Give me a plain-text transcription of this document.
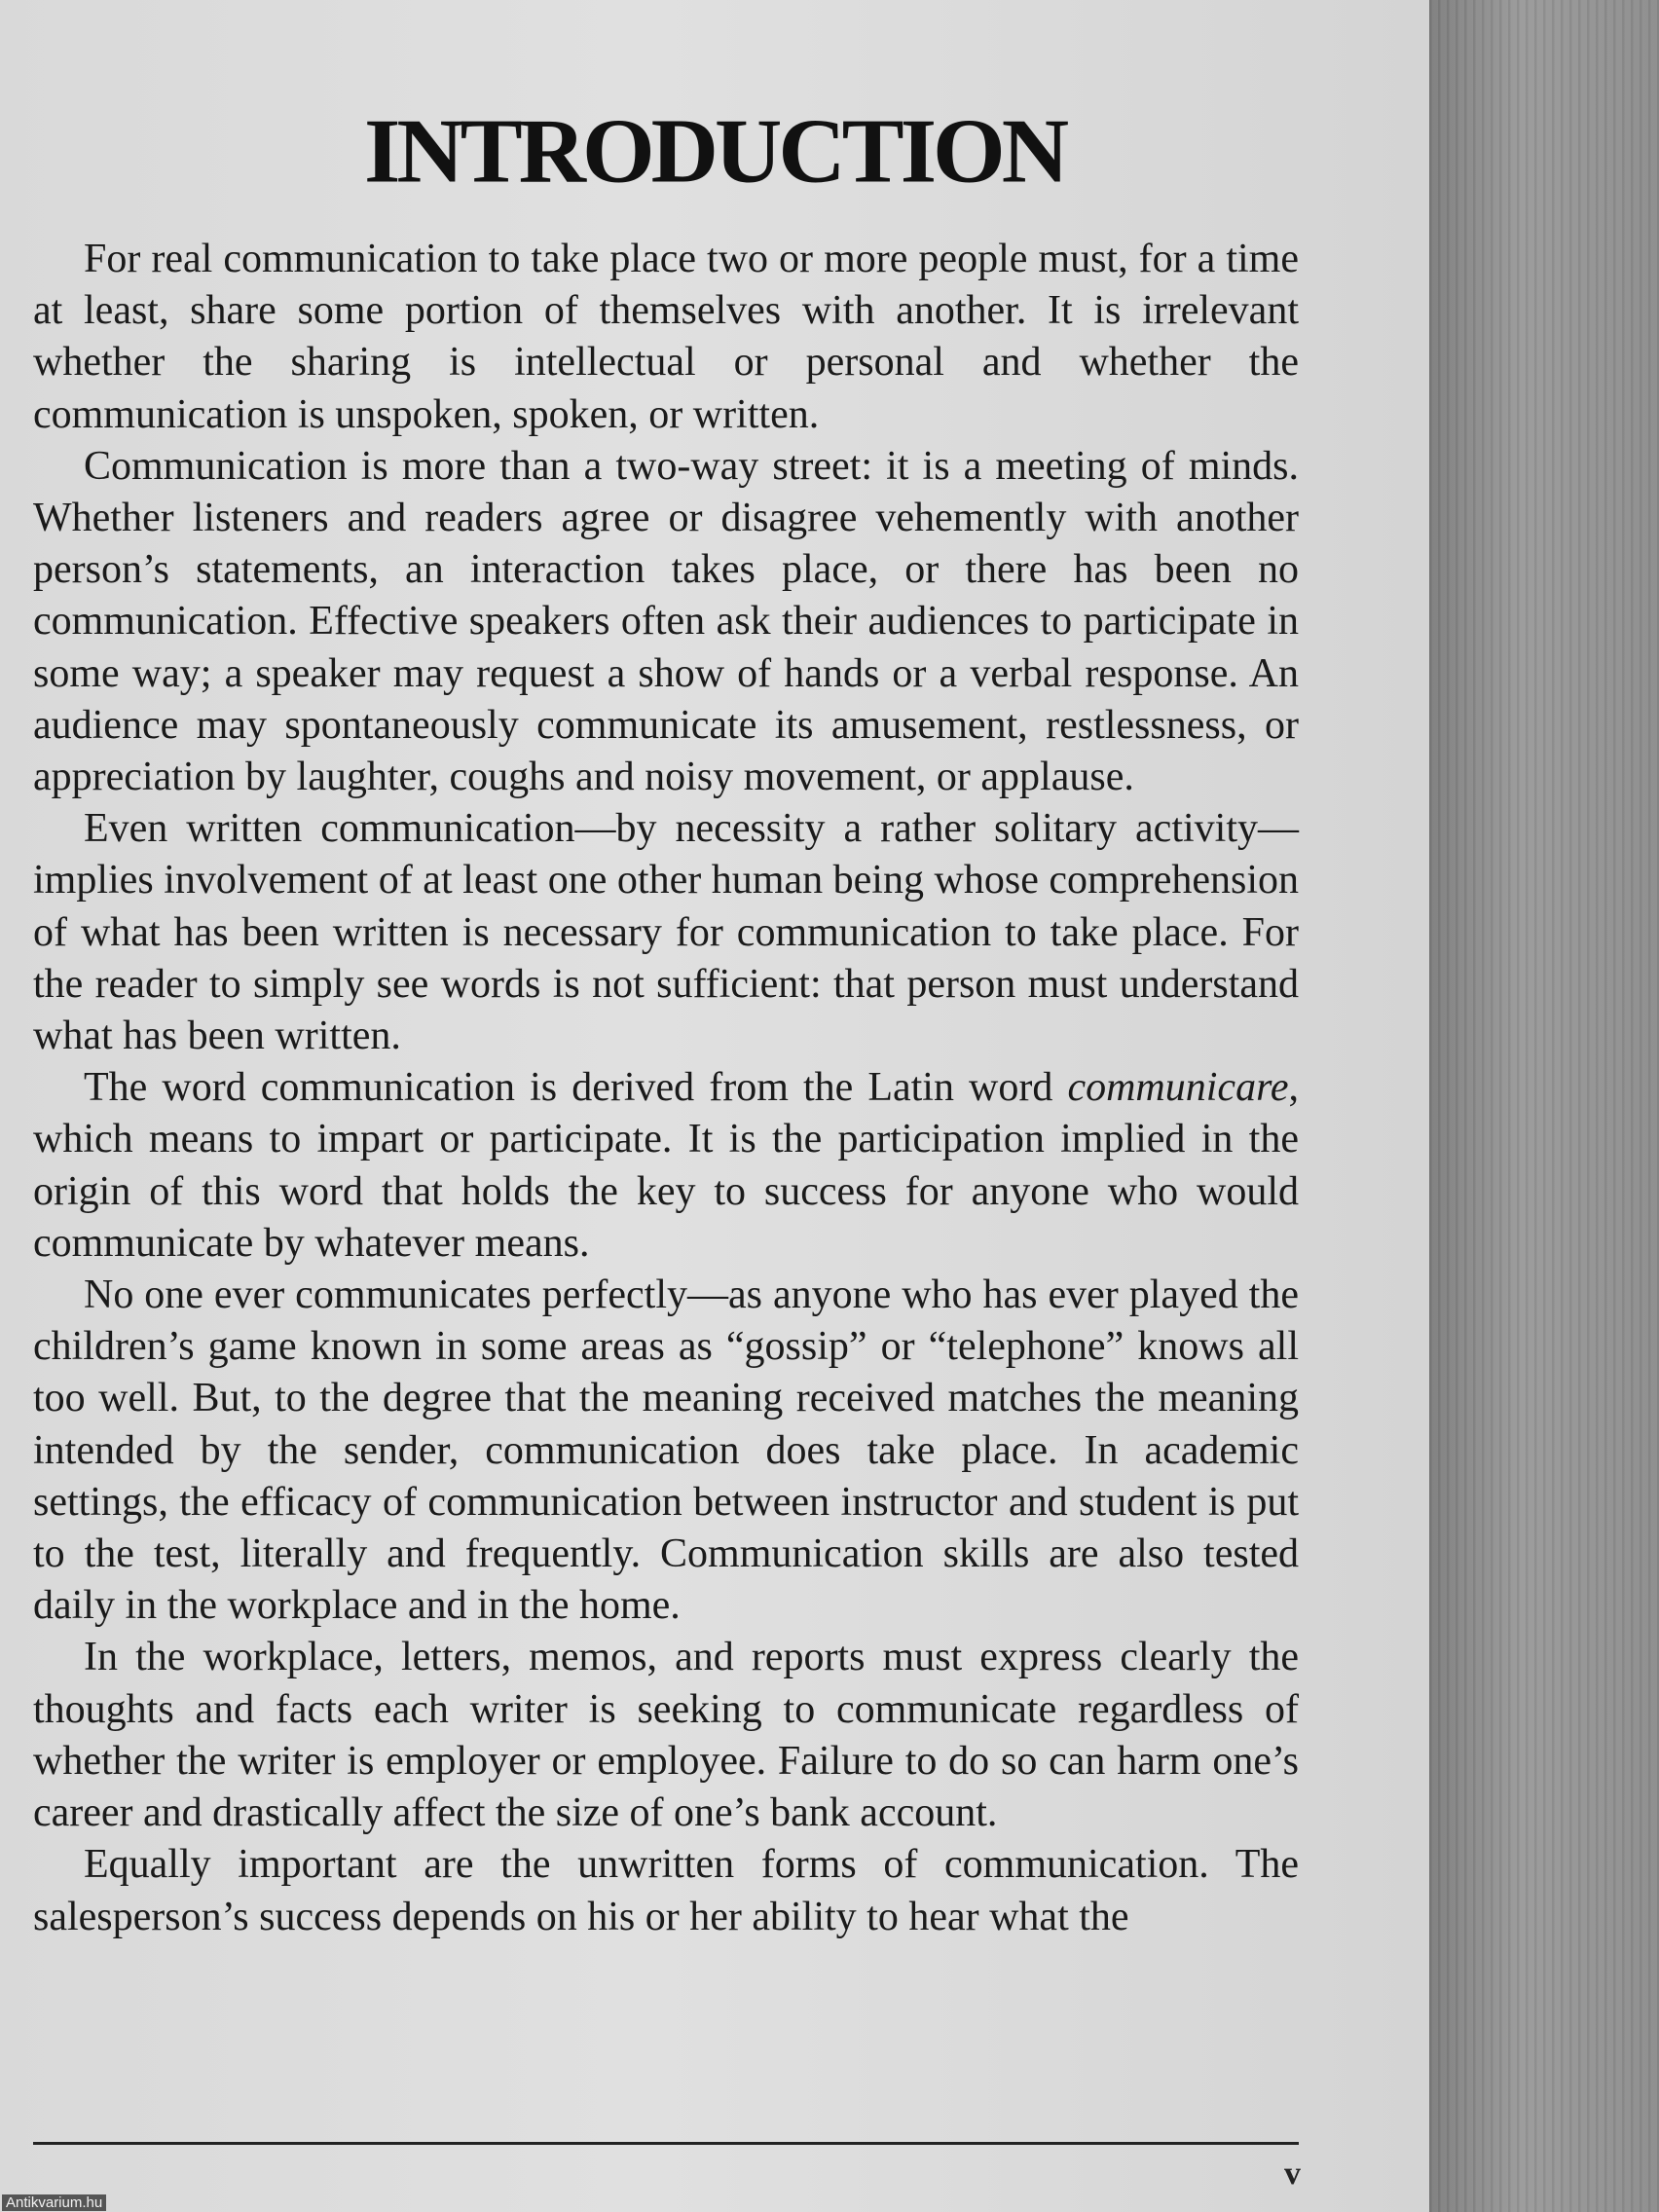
INTRODUCTION

For real communication to take place two or more people must, for a time at least, share some portion of themselves with another. It is irrelevant whether the sharing is intellectual or personal and whether the communication is unspoken, spoken, or written.

Communication is more than a two-way street: it is a meeting of minds. Whether listeners and readers agree or disagree vehemently with another person’s statements, an interaction takes place, or there has been no communication. Effective speakers often ask their audiences to participate in some way; a speaker may request a show of hands or a verbal response. An audience may spontaneously communicate its amusement, restlessness, or appreciation by laughter, coughs and noisy movement, or applause.

Even written communication—by necessity a rather solitary activity—implies involvement of at least one other human being whose comprehension of what has been written is necessary for communication to take place. For the reader to simply see words is not sufficient: that person must understand what has been written.

The word communication is derived from the Latin word communicare, which means to impart or participate. It is the participation implied in the origin of this word that holds the key to success for anyone who would communicate by whatever means.

No one ever communicates perfectly—as anyone who has ever played the children’s game known in some areas as “gossip” or “telephone” knows all too well. But, to the degree that the meaning received matches the meaning intended by the sender, communication does take place. In academic settings, the efficacy of communication between instructor and student is put to the test, literally and frequently. Communication skills are also tested daily in the workplace and in the home.

In the workplace, letters, memos, and reports must express clearly the thoughts and facts each writer is seeking to communicate regardless of whether the writer is employer or employee. Failure to do so can harm one’s career and drastically affect the size of one’s bank account.

Equally important are the unwritten forms of communication. The salesperson’s success depends on his or her ability to hear what the

v
Antikvarium.hu
